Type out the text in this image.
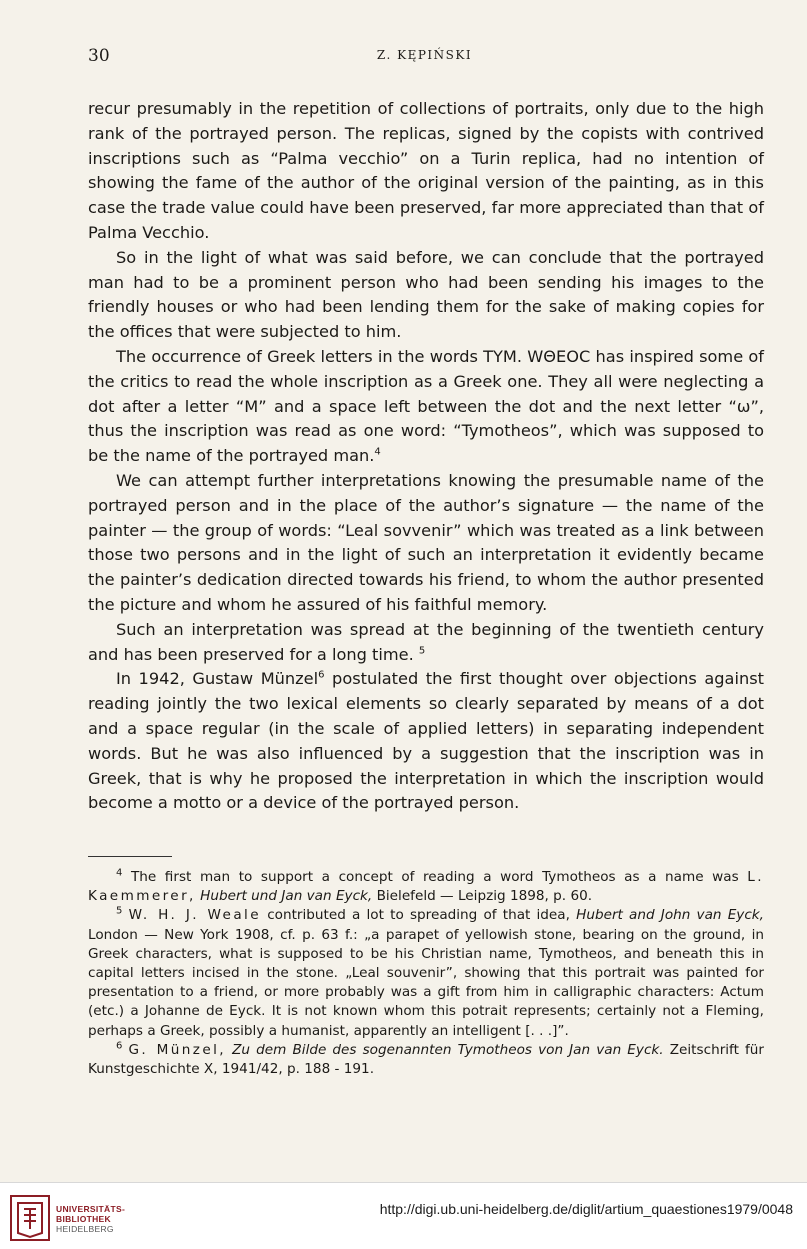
30	Z. KĘPIŃSKI

recur presumably in the repetition of collections of portraits, only due to the high rank of the portrayed person. The replicas, signed by the copists with contrived inscriptions such as “Palma vecchio” on a Turin replica, had no intention of showing the fame of the author of the original version of the painting, as in this case the trade value could have been preserved, far more appreciated than that of Palma Vecchio.

So in the light of what was said before, we can conclude that the portrayed man had to be a prominent person who had been sending his images to the friendly houses or who had been lending them for the sake of making copies for the offices that were subjected to him.

The occurrence of Greek letters in the words TYM. WΘEOC has inspired some of the critics to read the whole inscription as a Greek one. They all were neglecting a dot after a letter “M” and a space left between the dot and the next letter “ω”, thus the inscription was read as one word: “Tymotheos”, which was supposed to be the name of the portrayed man.$^4$

We can attempt further interpretations knowing the presumable name of the portrayed person and in the place of the author’s signature — the name of the painter — the group of words: “Leal sovvenir” which was treated as a link between those two persons and in the light of such an interpretation it evidently became the painter’s dedication directed towards his friend, to whom the author presented the picture and whom he assured of his faithful memory.

Such an interpretation was spread at the beginning of the twentieth century and has been preserved for a long time. $^5$

In 1942, Gustaw Münzel$^6$ postulated the first thought over objections against reading jointly the two lexical elements so clearly separated by means of a dot and a space regular (in the scale of applied letters) in separating independent words. But he was also influenced by a suggestion that the inscription was in Greek, that is why he proposed the interpretation in which the inscription would become a motto or a device of the portrayed person.

$^4$ The first man to support a concept of reading a word Tymotheos as a name was L. Kaemmerer, Hubert und Jan van Eyck, Bielefeld — Leipzig 1898, p. 60.

$^5$ W. H. J. Weale contributed a lot to spreading of that idea, Hubert and John van Eyck, London — New York 1908, cf. p. 63 f.: „a parapet of yellowish stone, bearing on the ground, in Greek characters, what is supposed to be his Christian name, Tymotheos, and beneath this in capital letters incised in the stone. „Leal souvenir”, showing that this portrait was painted for presentation to a friend, or more probably was a gift from him in calligraphic characters: Actum (etc.) a Johanne de Eyck. It is not known whom this potrait represents; certainly not a Fleming, perhaps a Greek, possibly a humanist, apparently an intelligent [. . .]”.

$^6$ G. Münzel, Zu dem Bilde des sogenannten Tymotheos von Jan van Eyck. Zeitschrift für Kunstgeschichte X, 1941/42, p. 188 - 191.

UNIVERSITÄTS-
BIBLIOTHEK
HEIDELBERG
http://digi.ub.uni-heidelberg.de/diglit/artium_quaestiones1979/0048
